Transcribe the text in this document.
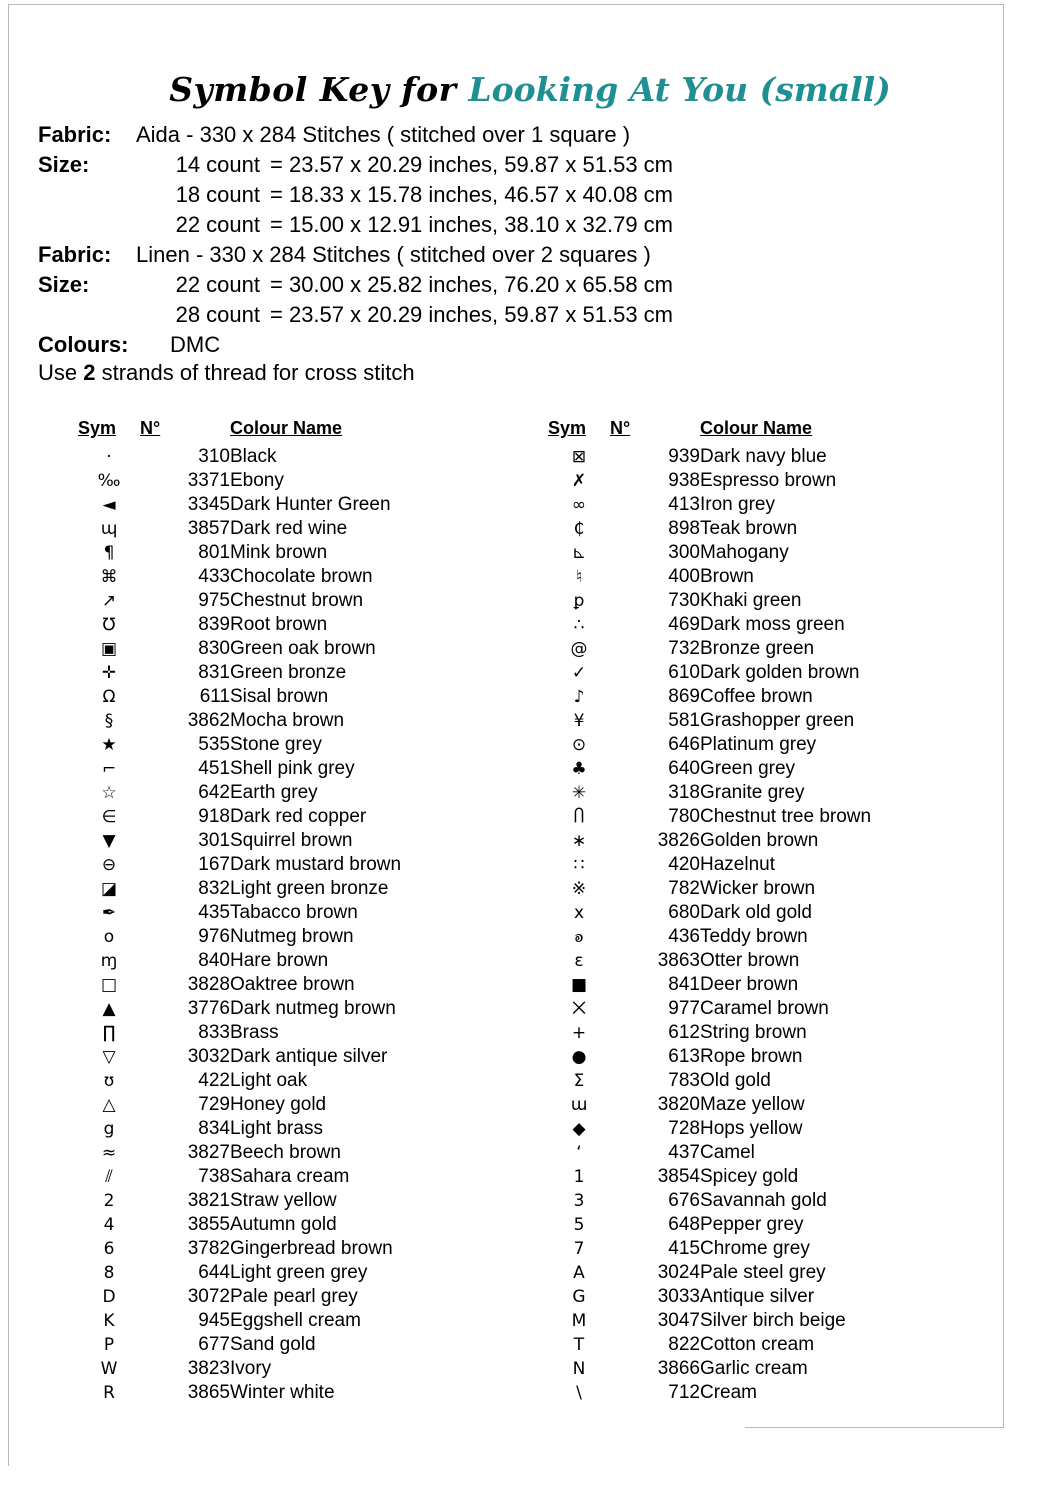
Symbol Key for Looking At You (small)
Fabric:	Aida - 330 x 284 Stitches ( stitched over 1 square )
Size:	14 count = 23.57 x 20.29 inches, 59.87 x 51.53 cm
18 count = 18.33 x 15.78 inches, 46.57 x 40.08 cm
22 count = 15.00 x 12.91 inches, 38.10 x 32.79 cm
Fabric:	Linen - 330 x 284 Stitches ( stitched over 2 squares )
Size:	22 count = 30.00 x 25.82 inches, 76.20 x 65.58 cm
28 count = 23.57 x 20.29 inches, 59.87 x 51.53 cm
Colours:	DMC
Use 2 strands of thread for cross stitch
Sym	N°	Colour Name
·	310	Black
‰	3371	Ebony
◄	3345	Dark Hunter Green
ɰ	3857	Dark red wine
¶	801	Mink brown
⌘	433	Chocolate brown
↗	975	Chestnut brown
℧	839	Root brown
▣	830	Green oak brown
✛	831	Green bronze
Ω	611	Sisal brown
§	3862	Mocha brown
★	535	Stone grey
⌐	451	Shell pink grey
☆	642	Earth grey
∈	918	Dark red copper
▼	301	Squirrel brown
⊖	167	Dark mustard brown
◪	832	Light green bronze
✒	435	Tabacco brown
o	976	Nutmeg brown
ɱ	840	Hare brown
□	3828	Oaktree brown
▲	3776	Dark nutmeg brown
∏	833	Brass
▽	3032	Dark antique silver
ʊ	422	Light oak
△	729	Honey gold
g	834	Light brass
≈	3827	Beech brown
⫽	738	Sahara cream
2	3821	Straw yellow
4	3855	Autumn gold
6	3782	Gingerbread brown
8	644	Light green grey
D	3072	Pale pearl grey
K	945	Eggshell cream
P	677	Sand gold
W	3823	Ivory
R	3865	Winter white
Sym	N°	Colour Name
⊠	939	Dark navy blue
✗	938	Espresso brown
∞	413	Iron grey
₵	898	Teak brown
⊾	300	Mahogany
♮	400	Brown
ꝑ	730	Khaki green
∴	469	Dark moss green
@	732	Bronze green
✓	610	Dark golden brown
♪	869	Coffee brown
¥	581	Grashopper green
⊙	646	Platinum grey
♣	640	Green grey
✳	318	Granite grey
Ⴖ	780	Chestnut tree brown
∗	3826	Golden brown
∷	420	Hazelnut
※	782	Wicker brown
х	680	Dark old gold
ꭷ	436	Teddy brown
ɛ	3863	Otter brown
■	841	Deer brown
⨉	977	Caramel brown
+	612	String brown
●	613	Rope brown
Σ	783	Old gold
ɯ	3820	Maze yellow
◆	728	Hops yellow
ʻ	437	Camel
1	3854	Spicey gold
3	676	Savannah gold
5	648	Pepper grey
7	415	Chrome grey
A	3024	Pale steel grey
G	3033	Antique silver
M	3047	Silver birch beige
T	822	Cotton cream
N	3866	Garlic cream
\	712	Cream
